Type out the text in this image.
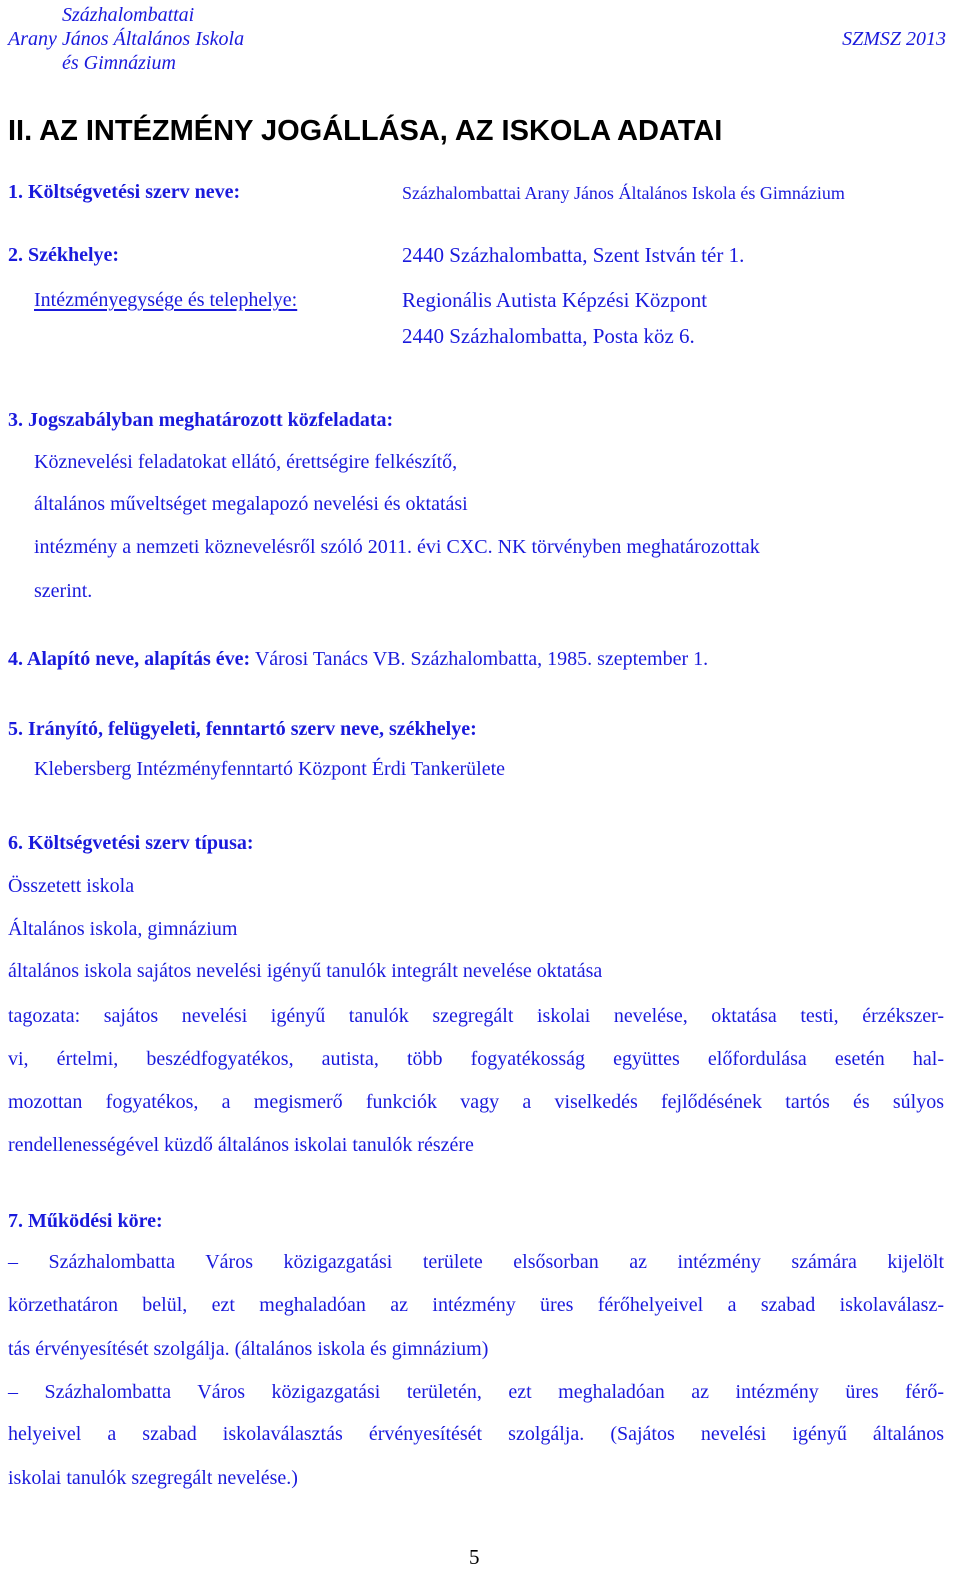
Százhalombattai
Arany János Általános Iskola
és Gimnázium
SZMSZ 2013
II. AZ INTÉZMÉNY JOGÁLLÁSA, AZ ISKOLA ADATAI
1. Költségvetési szerv neve:	Százhalombattai Arany János Általános Iskola és Gimnázium
2. Székhelye:	2440 Százhalombatta, Szent István tér 1.
Intézményegysége és telephelye:	Regionális Autista Képzési Központ
2440 Százhalombatta, Posta köz 6.
3. Jogszabályban meghatározott közfeladata:
Köznevelési feladatokat ellátó, érettségire felkészítő,
általános műveltséget megalapozó nevelési és oktatási
intézmény a nemzeti köznevelésről szóló 2011. évi CXC. NK törvényben meghatározottak
szerint.
4. Alapító neve, alapítás éve: Városi Tanács VB. Százhalombatta, 1985. szeptember 1.
5. Irányító, felügyeleti, fenntartó szerv neve, székhelye:
Klebersberg Intézményfenntartó Központ Érdi Tankerülete
6. Költségvetési szerv típusa:
Összetett iskola
Általános iskola, gimnázium
általános iskola sajátos nevelési igényű tanulók integrált nevelése oktatása

tagozata: sajátos nevelési igényű tanulók szegregált iskolai nevelése, oktatása testi, érzékszer-

vi, értelmi, beszédfogyatékos, autista, több fogyatékosság együttes előfordulása esetén hal-

mozottan fogyatékos, a megismerő funkciók vagy a viselkedés fejlődésének tartós és súlyos

rendellenességével küzdő általános iskolai tanulók részére
7. Működési köre:

– Százhalombatta Város közigazgatási területe elsősorban az intézmény számára kijelölt

körzethatáron belül, ezt meghaladóan az intézmény üres férőhelyeivel a szabad iskolaválasz-

tás érvényesítését szolgálja. (általános iskola és gimnázium)

– Százhalombatta Város közigazgatási területén, ezt meghaladóan az intézmény üres férő-

helyeivel a szabad iskolaválasztás érvényesítését szolgálja. (Sajátos nevelési igényű általános

iskolai tanulók szegregált nevelése.)
5
